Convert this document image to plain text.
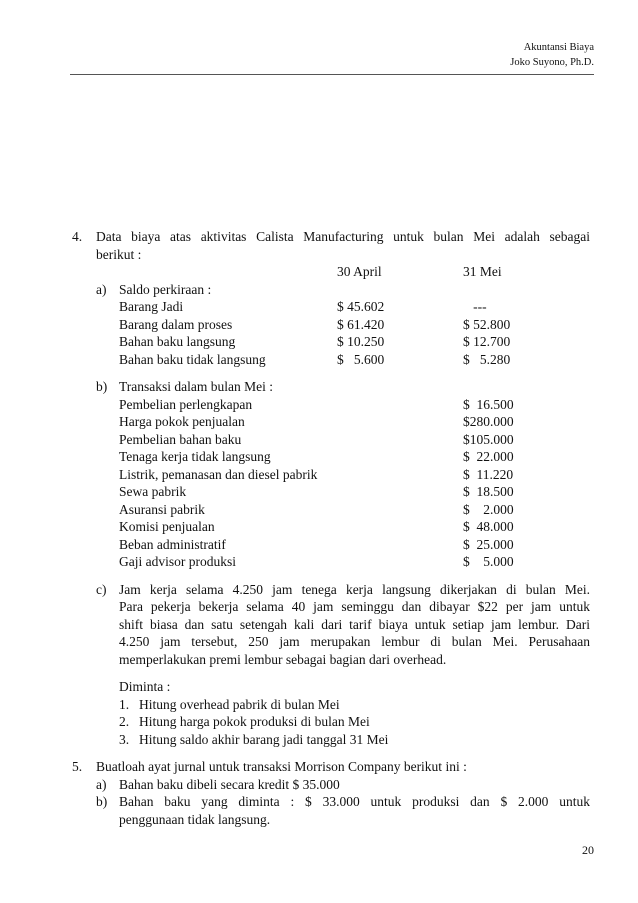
Akuntansi Biaya
Joko Suyono, Ph.D.
4. Data biaya atas aktivitas Calista Manufacturing untuk bulan Mei adalah sebagai
berikut :
30 April	31 Mei
a) Saldo perkiraan :
Barang Jadi	$ 45.602	---
Barang dalam proses	$ 61.420	$ 52.800
Bahan baku langsung	$ 10.250	$ 12.700
Bahan baku tidak langsung	$   5.600	$   5.280
b) Transaksi dalam bulan Mei :
Pembelian perlengkapan	$  16.500
Harga pokok penjualan	$280.000
Pembelian bahan baku	$105.000
Tenaga kerja tidak langsung	$  22.000
Listrik, pemanasan dan diesel pabrik	$  11.220
Sewa pabrik	$  18.500
Asuransi pabrik	$    2.000
Komisi penjualan	$  48.000
Beban administratif	$  25.000
Gaji advisor produksi	$    5.000
c) Jam kerja selama 4.250 jam tenega kerja langsung dikerjakan di bulan Mei.
Para pekerja bekerja selama 40 jam seminggu dan dibayar $22 per jam untuk
shift biasa dan satu setengah kali dari tarif biaya untuk setiap jam lembur. Dari
4.250 jam tersebut, 250 jam merupakan lembur di bulan Mei. Perusahaan
memperlakukan premi lembur sebagai bagian dari overhead.
Diminta :
1. Hitung overhead pabrik di bulan Mei
2. Hitung harga pokok produksi di bulan Mei
3. Hitung saldo akhir barang jadi tanggal 31 Mei
5. Buatloah ayat jurnal untuk transaksi Morrison Company berikut ini :
a) Bahan baku dibeli secara kredit $ 35.000
b) Bahan baku yang diminta : $ 33.000 untuk produksi dan $ 2.000 untuk
penggunaan tidak langsung.
20
